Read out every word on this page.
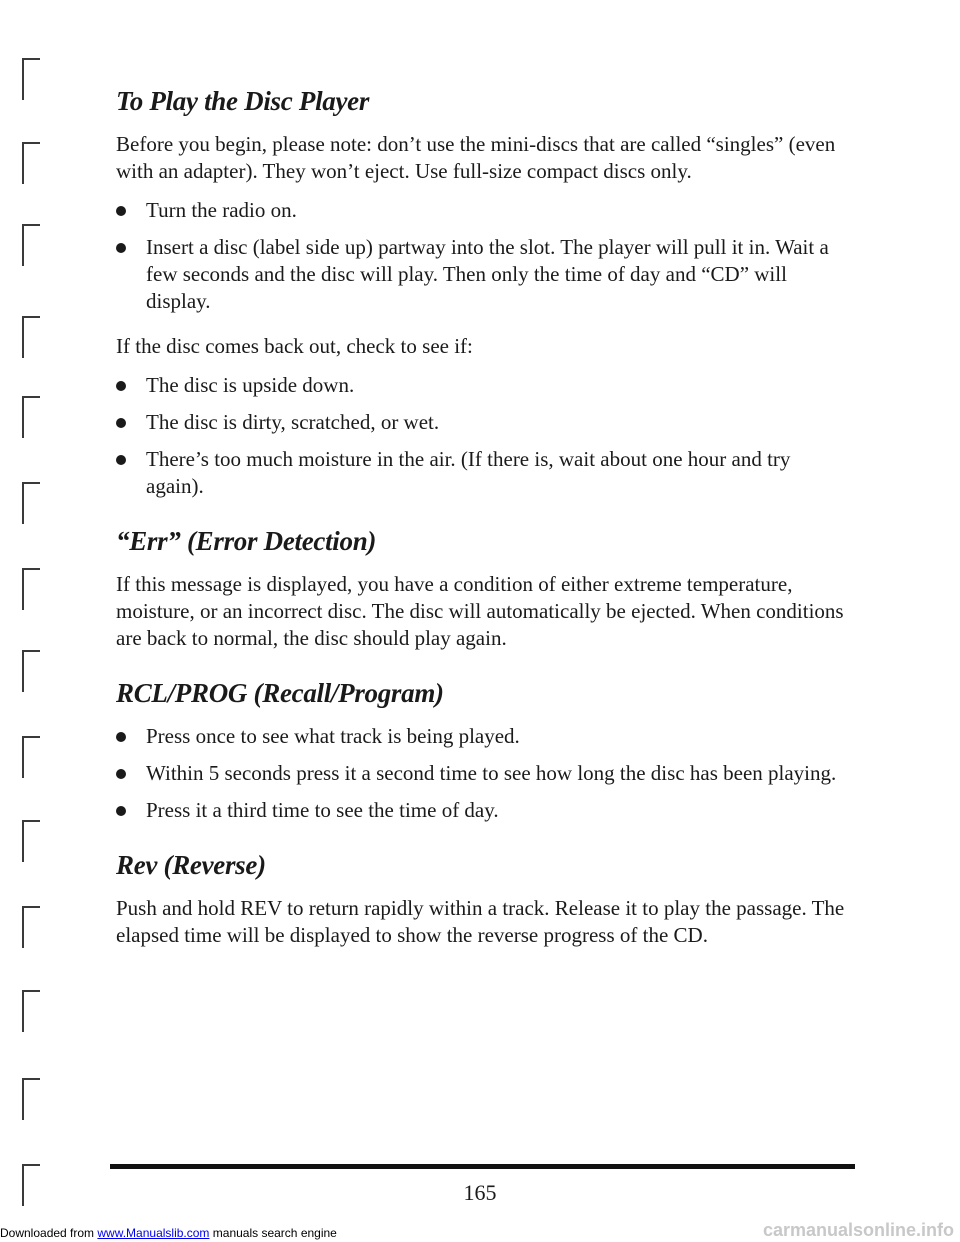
To Play the Disc Player

Before you begin, please note: don’t use the mini-discs that are called “singles” (even with an adapter). They won’t eject. Use full-size compact discs only.

Turn the radio on.
Insert a disc (label side up) partway into the slot. The player will pull it in. Wait a few seconds and the disc will play. Then only the time of day and “CD” will display.

If the disc comes back out, check to see if:

The disc is upside down.
The disc is dirty, scratched, or wet.
There’s too much moisture in the air. (If there is, wait about one hour and try again).
“Err” (Error Detection)

If this message is displayed, you have a condition of either extreme temperature, moisture, or an incorrect disc. The disc will automatically be ejected. When conditions are back to normal, the disc should play again.

RCL/PROG (Recall/Program)
Press once to see what track is being played.
Within 5 seconds press it a second time to see how long the disc has been playing.
Press it a third time to see the time of day.
Rev (Reverse)

Push and hold REV to return rapidly within a track. Release it to play the passage. The elapsed time will be displayed to show the reverse progress of the CD.

165
Downloaded from www.Manualslib.com manuals search engine	carmanualsonline.info
